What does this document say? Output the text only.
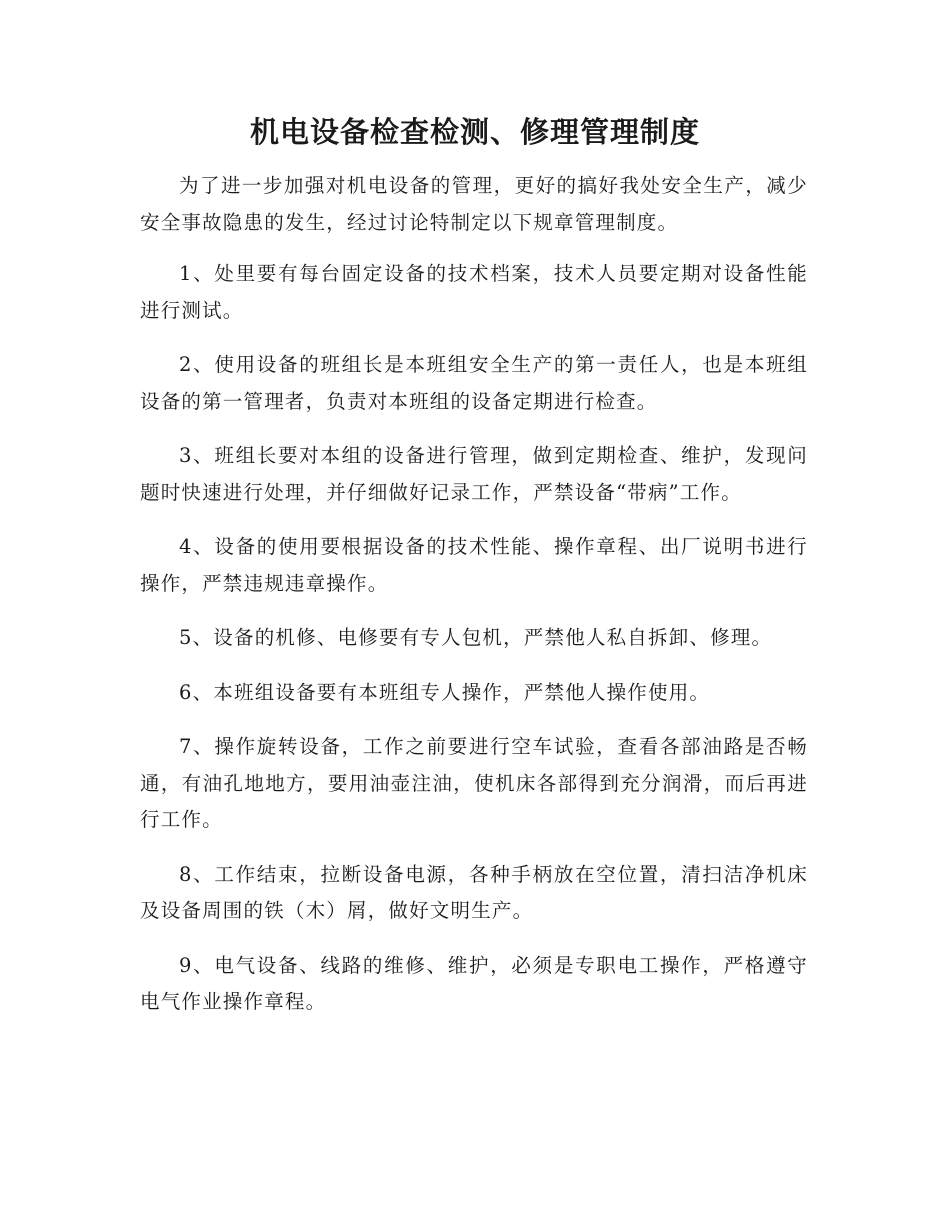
机电设备检查检测、修理管理制度

为了进一步加强对机电设备的管理，更好的搞好我处安全生产，减少安全事故隐患的发生，经过讨论特制定以下规章管理制度。

1、处里要有每台固定设备的技术档案，技术人员要定期对设备性能进行测试。

2、使用设备的班组长是本班组安全生产的第一责任人，也是本班组设备的第一管理者，负责对本班组的设备定期进行检查。

3、班组长要对本组的设备进行管理，做到定期检查、维护，发现问题时快速进行处理，并仔细做好记录工作，严禁设备“带病”工作。

4、设备的使用要根据设备的技术性能、操作章程、出厂说明书进行操作，严禁违规违章操作。

5、设备的机修、电修要有专人包机，严禁他人私自拆卸、修理。

6、本班组设备要有本班组专人操作，严禁他人操作使用。

7、操作旋转设备，工作之前要进行空车试验，查看各部油路是否畅通，有油孔地地方，要用油壶注油，使机床各部得到充分润滑，而后再进行工作。

8、工作结束，拉断设备电源，各种手柄放在空位置，清扫洁净机床及设备周围的铁（木）屑，做好文明生产。

9、电气设备、线路的维修、维护，必须是专职电工操作，严格遵守电气作业操作章程。
